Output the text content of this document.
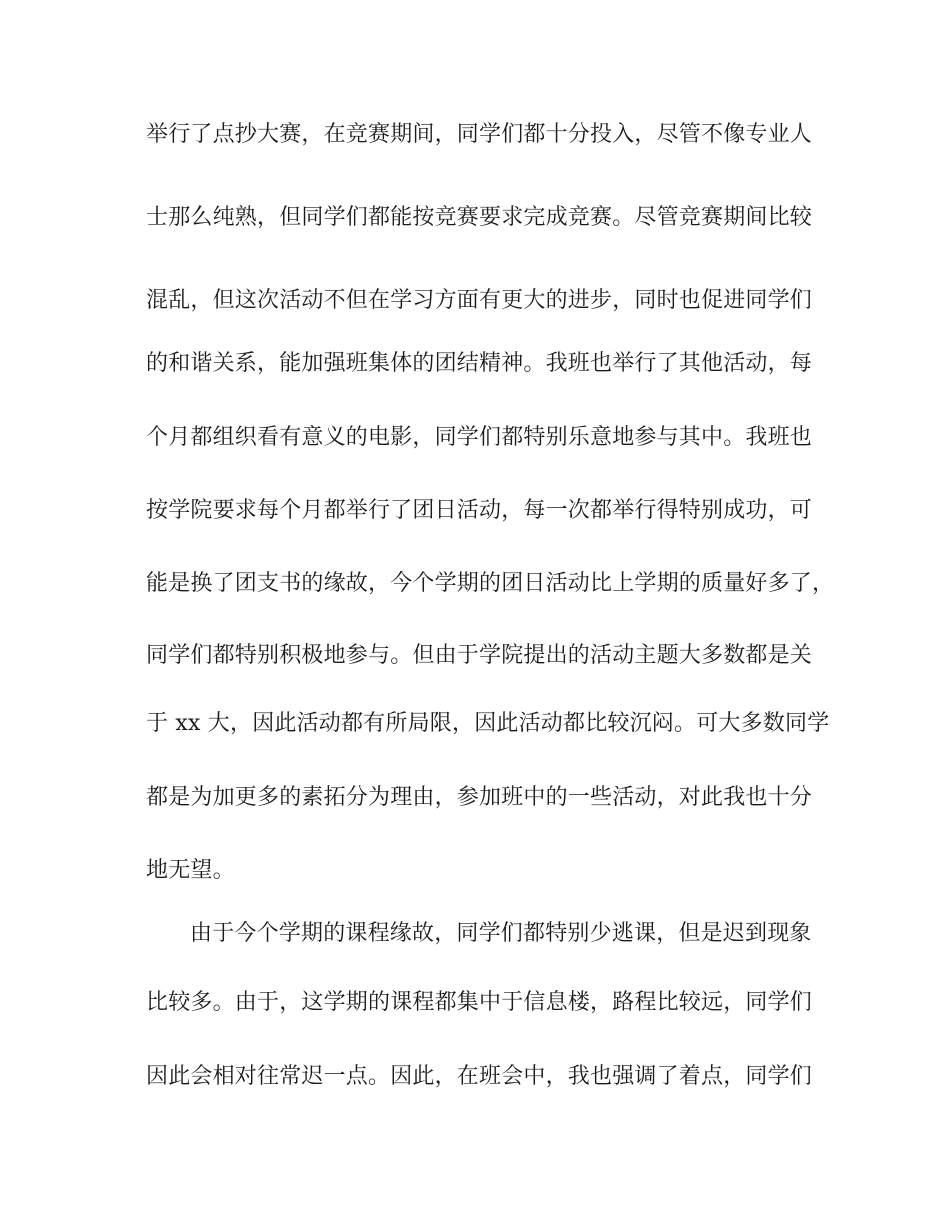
举行了点抄大赛，在竞赛期间，同学们都十分投入，尽管不像专业人
士那么纯熟，但同学们都能按竞赛要求完成竞赛。尽管竞赛期间比较
混乱，但这次活动不但在学习方面有更大的进步，同时也促进同学们
的和谐关系，能加强班集体的团结精神。我班也举行了其他活动，每
个月都组织看有意义的电影，同学们都特别乐意地参与其中。我班也
按学院要求每个月都举行了团日活动，每一次都举行得特别成功，可
能是换了团支书的缘故，今个学期的团日活动比上学期的质量好多了，
同学们都特别积极地参与。但由于学院提出的活动主题大多数都是关
于 xx 大，因此活动都有所局限，因此活动都比较沉闷。可大多数同学
都是为加更多的素拓分为理由，参加班中的一些活动，对此我也十分
地无望。
由于今个学期的课程缘故，同学们都特别少逃课，但是迟到现象
比较多。由于，这学期的课程都集中于信息楼，路程比较远，同学们
因此会相对往常迟一点。因此，在班会中，我也强调了着点，同学们
